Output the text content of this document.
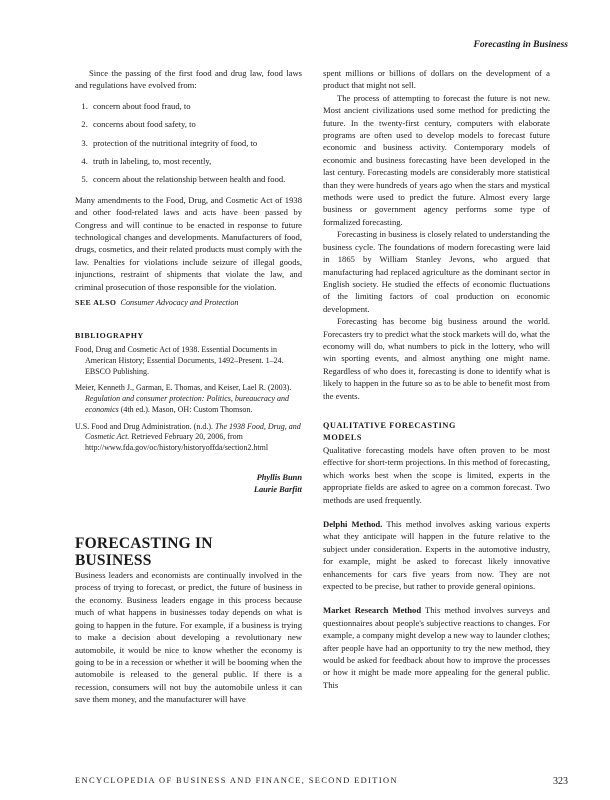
Forecasting in Business

Since the passing of the first food and drug law, food laws and regulations have evolved from:

1. concern about food fraud, to
2. concerns about food safety, to
3. protection of the nutritional integrity of food, to
4. truth in labeling, to, most recently,
5. concern about the relationship between health and food.

Many amendments to the Food, Drug, and Cosmetic Act of 1938 and other food-related laws and acts have been passed by Congress and will continue to be enacted in response to future technological changes and developments. Manufacturers of food, drugs, cosmetics, and their related products must comply with the law. Penalties for violations include seizure of illegal goods, injunctions, restraint of shipments that violate the law, and criminal prosecution of those responsible for the violation.

SEE ALSO Consumer Advocacy and Protection

BIBLIOGRAPHY

Food, Drug and Cosmetic Act of 1938. Essential Documents in American History; Essential Documents, 1492–Present. 1–24. EBSCO Publishing.

Meier, Kenneth J., Garman, E. Thomas, and Keiser, Lael R. (2003). Regulation and consumer protection: Politics, bureaucracy and economics (4th ed.). Mason, OH: Custom Thomson.

U.S. Food and Drug Administration. (n.d.). The 1938 Food, Drug, and Cosmetic Act. Retrieved February 20, 2006, from http://www.fda.gov/oc/history/historyoffda/section2.html

Phyllis Bunn
Laurie Barfitt
FORECASTING IN
BUSINESS

Business leaders and economists are continually involved in the process of trying to forecast, or predict, the future of business in the economy. Business leaders engage in this process because much of what happens in businesses today depends on what is going to happen in the future. For example, if a business is trying to make a decision about developing a revolutionary new automobile, it would be nice to know whether the economy is going to be in a recession or whether it will be booming when the automobile is released to the general public. If there is a recession, consumers will not buy the automobile unless it can save them money, and the manufacturer will have

spent millions or billions of dollars on the development of a product that might not sell.

The process of attempting to forecast the future is not new. Most ancient civilizations used some method for predicting the future. In the twenty-first century, computers with elaborate programs are often used to develop models to forecast future economic and business activity. Contemporary models of economic and business forecasting have been developed in the last century. Forecasting models are considerably more statistical than they were hundreds of years ago when the stars and mystical methods were used to predict the future. Almost every large business or government agency performs some type of formalized forecasting.

Forecasting in business is closely related to understanding the business cycle. The foundations of modern forecasting were laid in 1865 by William Stanley Jevons, who argued that manufacturing had replaced agriculture as the dominant sector in English society. He studied the effects of economic fluctuations of the limiting factors of coal production on economic development.

Forecasting has become big business around the world. Forecasters try to predict what the stock markets will do, what the economy will do, what numbers to pick in the lottery, who will win sporting events, and almost anything one might name. Regardless of who does it, forecasting is done to identify what is likely to happen in the future so as to be able to benefit most from the events.

QUALITATIVE FORECASTING
MODELS

Qualitative forecasting models have often proven to be most effective for short-term projections. In this method of forecasting, which works best when the scope is limited, experts in the appropriate fields are asked to agree on a common forecast. Two methods are used frequently.

Delphi Method. This method involves asking various experts what they anticipate will happen in the future relative to the subject under consideration. Experts in the automotive industry, for example, might be asked to forecast likely innovative enhancements for cars five years from now. They are not expected to be precise, but rather to provide general opinions.

Market Research Method This method involves surveys and questionnaires about people's subjective reactions to changes. For example, a company might develop a new way to launder clothes; after people have had an opportunity to try the new method, they would be asked for feedback about how to improve the processes or how it might be made more appealing for the general public. This

ENCYCLOPEDIA OF BUSINESS AND FINANCE, SECOND EDITION	323
